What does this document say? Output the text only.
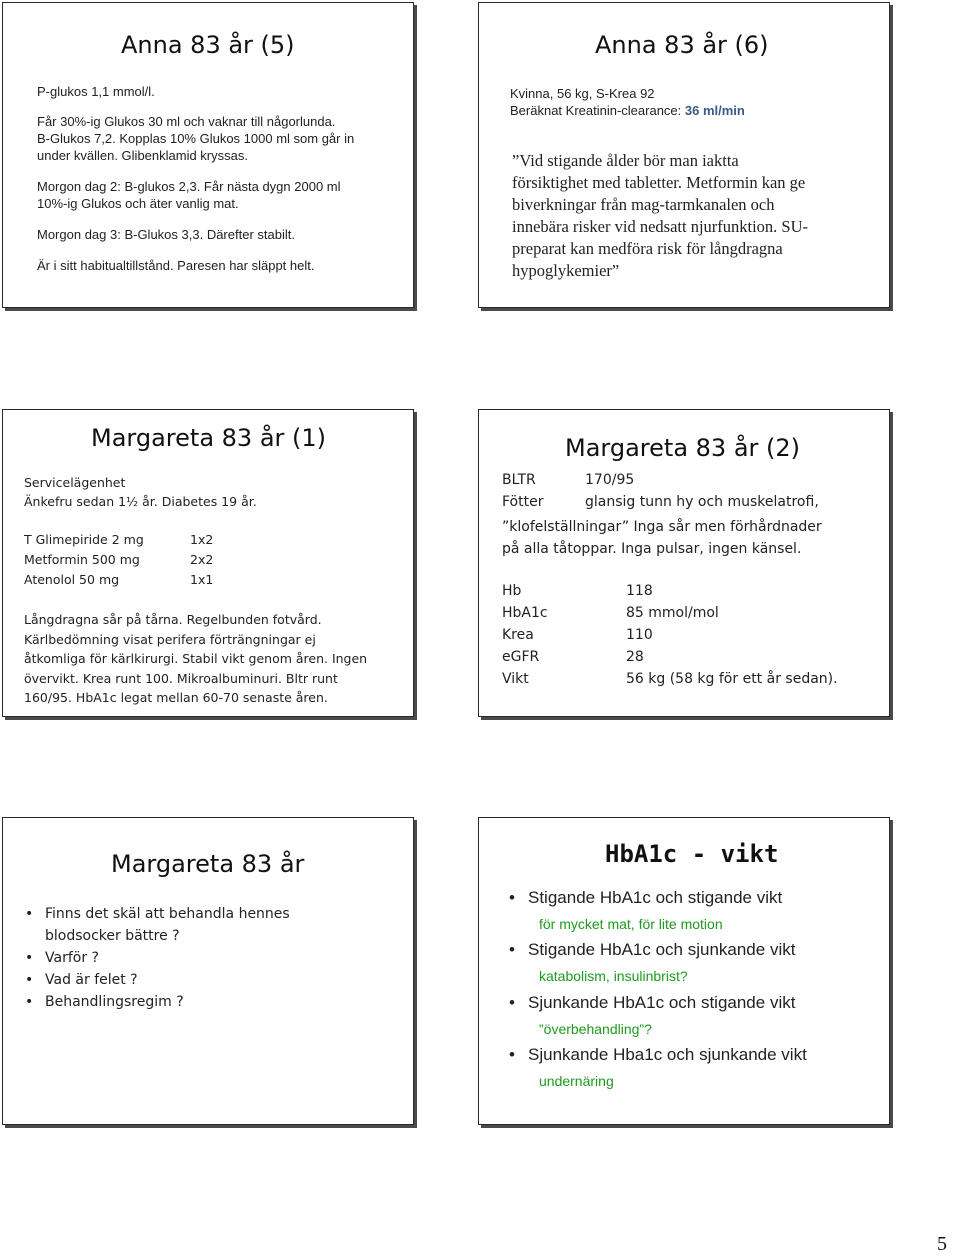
Anna 83 år (5)
P-glukos 1,1 mmol/l.
Får 30%-ig Glukos 30 ml och vaknar till någorlunda.
B-Glukos 7,2. Kopplas 10% Glukos 1000 ml som går in
under kvällen. Glibenklamid kryssas.
Morgon dag 2: B-glukos 2,3. Får nästa dygn 2000 ml
10%-ig Glukos och äter vanlig mat.
Morgon dag 3: B-Glukos 3,3. Därefter stabilt.
Är i sitt habitualtillstånd. Paresen har släppt helt.
Anna 83 år (6)
Kvinna, 56 kg, S-Krea 92
Beräknat Kreatinin-clearance: 36 ml/min
”Vid stigande ålder bör man iaktta
försiktighet med tabletter. Metformin kan ge
biverkningar från mag-tarmkanalen och
innebära risker vid nedsatt njurfunktion. SU-
preparat kan medföra risk för långdragna
hypoglykemier”
Margareta 83 år (1)
Servicelägenhet
Änkefru sedan 1½ år. Diabetes 19 år.
T Glimepiride 2 mg	1x2
Metformin 500 mg	2x2
Atenolol 50 mg	1x1
Långdragna sår på tårna. Regelbunden fotvård.
Kärlbedömning visat perifera förträngningar ej
åtkomliga för kärlkirurgi. Stabil vikt genom åren. Ingen
övervikt. Krea runt 100. Mikroalbuminuri. Bltr runt
160/95. HbA1c legat mellan 60-70 senaste åren.
Margareta 83 år (2)
BLTR	170/95
Fötter	glansig tunn hy och muskelatrofi,
”klofelställningar” Inga sår men förhårdnader
på alla tåtoppar. Inga pulsar, ingen känsel.
Hb	118
HbA1c	85 mmol/mol
Krea	110
eGFR	28
Vikt	56 kg (58 kg för ett år sedan).
Margareta 83 år
• Finns det skäl att behandla hennes
blodsocker bättre ?
• Varför ?
• Vad är felet ?
• Behandlingsregim ?
HbA1c - vikt
• Stigande HbA1c och stigande vikt
för mycket mat, för lite motion
• Stigande HbA1c och sjunkande vikt
katabolism, insulinbrist?
• Sjunkande HbA1c och stigande vikt
”överbehandling”?
• Sjunkande Hba1c och sjunkande vikt
undernäring
5
